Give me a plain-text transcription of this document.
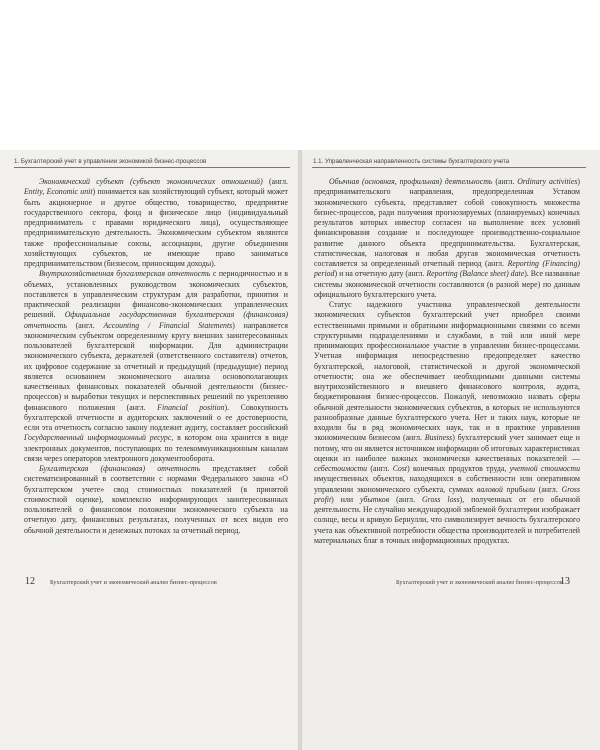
1. Бухгалтерский учет в управлении экономикой бизнес-процессов	1.1. Управленческая направленность системы бухгалтерского учета

Экономический субъект (субъект экономических отношений) (англ. Entity, Economic unit) понимается как хозяйствующий субъект, который может быть акционерное и другое общество, товарищество, предприятие государственного сектора, фонд и физическое лицо (индивидуальный предприниматель с правами юридического лица), осуществляющее предпринимательскую деятельность. Экономическим субъектом являются также профессиональные союзы, ассоциации, другие объединения хозяйствующих субъектов, не имеющие право заниматься предпринимательством (бизнесом, приносящим доходы).

Внутрихозяйственная бухгалтерская отчетность с периодичностью и в объемах, установленных руководством экономических субъектов, поставляется в управленческим структурам для разработки, принятия и практической реализации финансово-экономических управленческих решений. Официальная государственная бухгалтерская (финансовая) отчетность (англ. Accounting / Financial Statements) направляется экономическим субъектом определенному кругу внешних заинтересованных пользователей бухгалтерской информации. Для администрации экономического субъекта, держателей (ответственного составителя) отчетов, их цифровое содержание за отчетный и предыдущий (предыдущие) период является основанием экономического анализа основополагающих качественных финансовых показателей обычной деятельности (бизнес-процессов) и выработки текущих и перспективных решений по укреплению финансового положения (англ. Financial position). Совокупность бухгалтерской отчетности и аудиторских заключений о ее достоверности, если эта отчетность согласно закону подлежит аудиту, составляет российский Государственный информационный ресурс, в котором она хранится в виде электронных документов, поступающих по телекоммуникационным каналам связи через операторов электронного документооборота.

Бухгалтерская (финансовая) отчетность представляет собой систематизированный в соответствии с нормами Федерального закона «О бухгалтерском учете» свод стоимостных показателей (в принятой стоимостной оценке), комплексно информирующих заинтересованных пользователей о финансовом положении экономического субъекта на отчетную дату, финансовых результатах, полученных от всех видов его обычной деятельности и денежных потоках за отчетный период.

Обычная (основная, профильная) деятельность (англ. Ordinary activities) предпринимательского направления, предопределенная Уставом экономического субъекта, представляет собой совокупность множества бизнес-процессов, ради получения прогнозируемых (планируемых) конечных результатов которых инвестор согласен на выполнение всех условий финансирования создание и последующее производственно-социальное развитие данного объекта предпринимательства. Бухгалтерская, статистическая, налоговая и любая другая экономическая отчетность составляется за определенный отчетный период (англ. Reporting (Financing) period) и на отчетную дату (англ. Reporting (Balance sheet) date). Все названные системы экономической отчетности составляются (в разной мере) по данным официального бухгалтерского учета.

Статус надежного участника управленческой деятельности экономических субъектов бухгалтерский учет приобрел своими естественными прямыми и обратными информационными связями со всеми структурными подразделениями и службами, в той или иной мере принимающих профессиональное участие в управлении бизнес-процессами. Учетная информация непосредственно предопределяет качество бухгалтерской, налоговой, статистической и другой экономической отчетности; она же обеспечивает необходимыми данными системы внутрихозяйственного и внешнего финансового контроля, аудита, бюджетирования бизнес-процессов. Пожалуй, невозможно назвать сферы обычной деятельности экономических субъектов, в которых не используются разнообразные данные бухгалтерского учета. Нет и таких наук, которые не входили бы в ряд экономических наук, так и в практике управления экономическим бизнесом (англ. Business) бухгалтерский учет занимает еще и потому, что он является источником информации об итоговых характеристиках оценки из наиболее важных экономически качественных показателей — себестоимости (англ. Cost) конечных продуктов труда, учетной стоимости имущественных объектов, находящихся в собственности или оперативном управлении экономического субъекта, суммах валовой прибыли (англ. Gross profit) или убытков (англ. Gross loss), полученных от его обычной деятельности. Не случайно международной эмблемой бухгалтерии изображает солнце, весы и кривую Бернулли, что символизирует вечность бухгалтерского учета как объективной потребности общества производителей и потребителей материальных благ в точных информационных продуктах.

12 Бухгалтерский учет и экономический анализ бизнес-процессов	Бухгалтерский учет и экономический анализ бизнес-процессов
13
